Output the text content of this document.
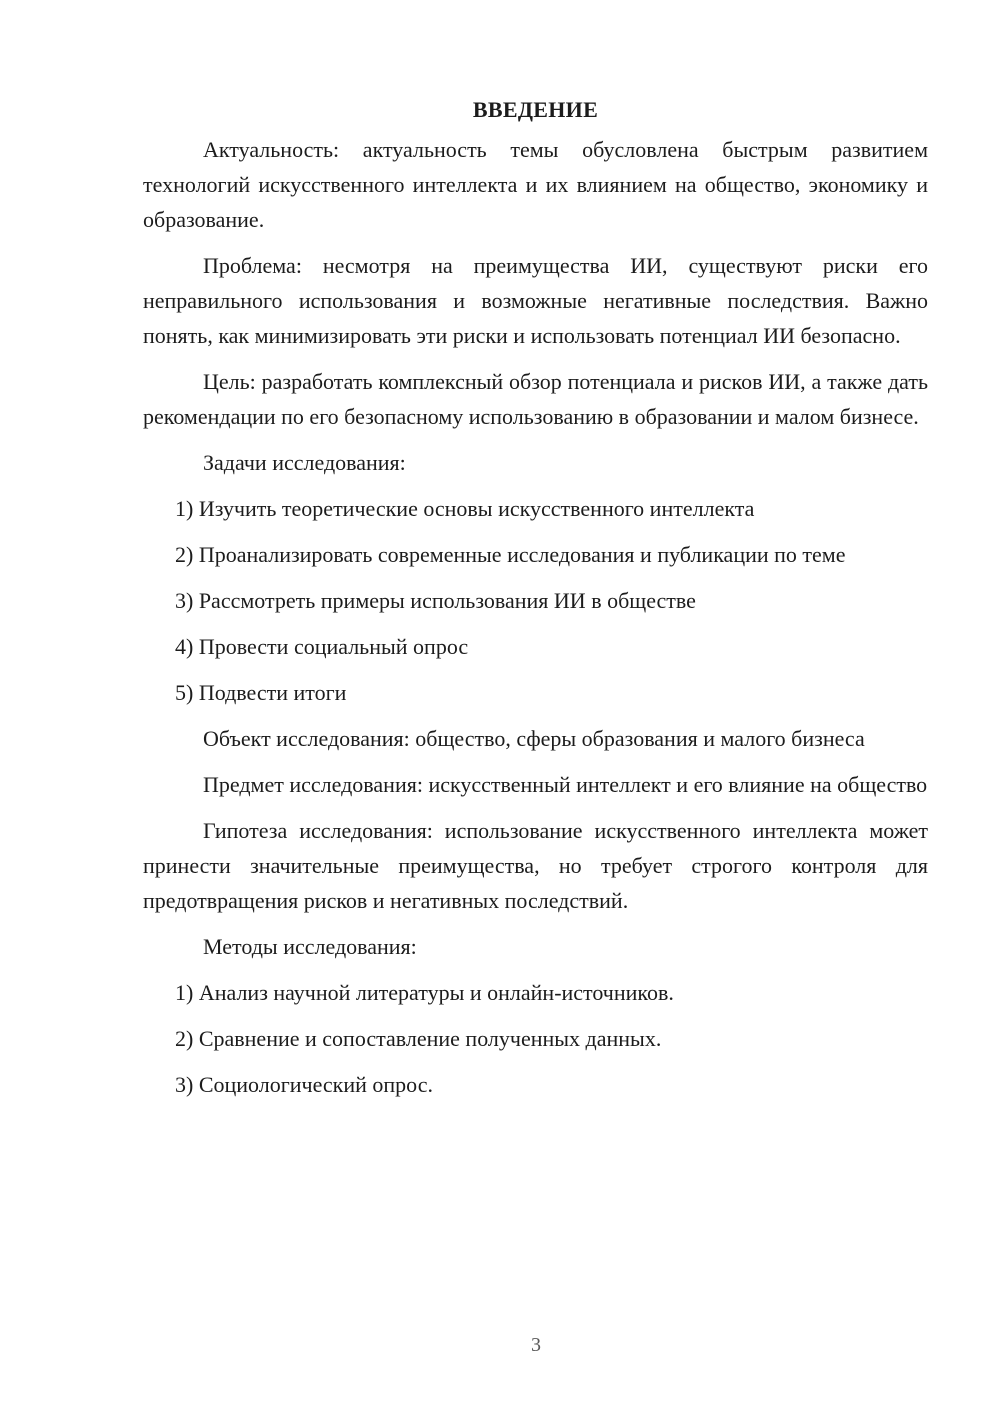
ВВЕДЕНИЕ

Актуальность: актуальность темы обусловлена быстрым развитием технологий искусственного интеллекта и их влиянием на общество, экономику и образование.

Проблема: несмотря на преимущества ИИ, существуют риски его неправильного использования и возможные негативные последствия. Важно понять, как минимизировать эти риски и использовать потенциал ИИ безопасно.

Цель: разработать комплексный обзор потенциала и рисков ИИ, а также дать рекомендации по его безопасному использованию в образовании и малом бизнесе.

Задачи исследования:

1) Изучить теоретические основы искусственного интеллекта

2) Проанализировать современные исследования и публикации по теме

3) Рассмотреть примеры использования ИИ в обществе

4) Провести социальный опрос

5) Подвести итоги

Объект исследования: общество, сферы образования и малого бизнеса

Предмет исследования: искусственный интеллект и его влияние на общество

Гипотеза исследования: использование искусственного интеллекта может принести значительные преимущества, но требует строгого контроля для предотвращения рисков и негативных последствий.

Методы исследования:

1) Анализ научной литературы и онлайн-источников.

2) Сравнение и сопоставление полученных данных.

3) Социологический опрос.

3
